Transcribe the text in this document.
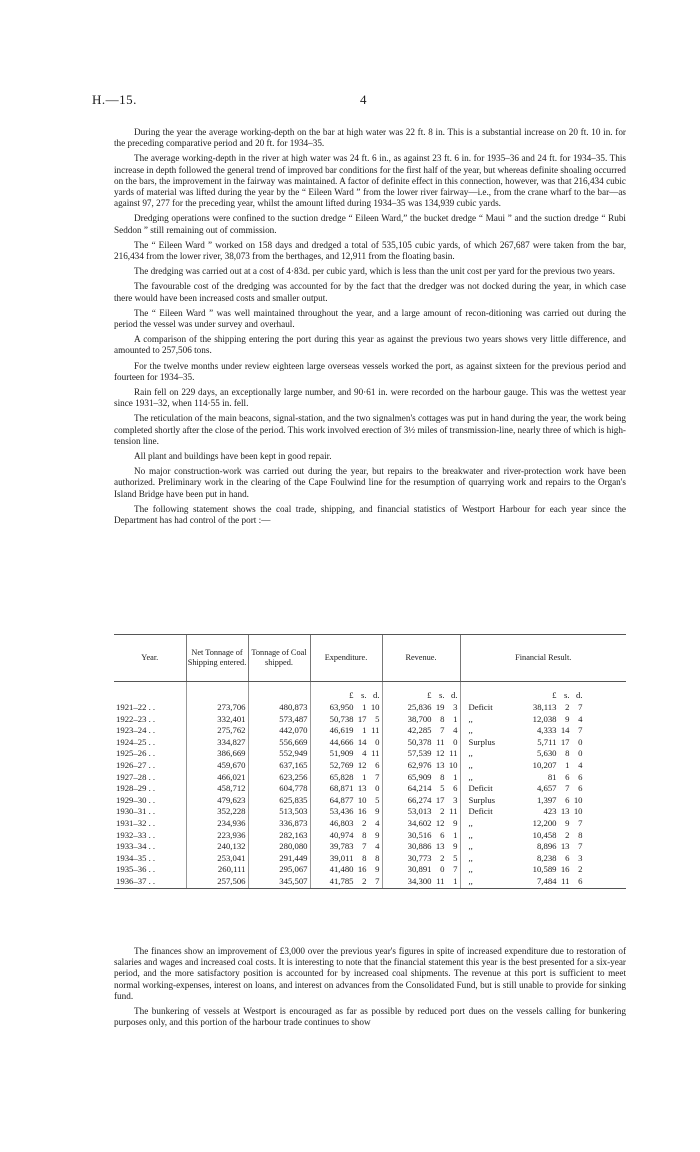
H.—15.	4

During the year the average working-depth on the bar at high water was 22 ft. 8 in. This is a substantial increase on 20 ft. 10 in. for the preceding comparative period and 20 ft. for 1934–35.

The average working-depth in the river at high water was 24 ft. 6 in., as against 23 ft. 6 in. for 1935–36 and 24 ft. for 1934–35. This increase in depth followed the general trend of improved bar conditions for the first half of the year, but whereas definite shoaling occurred on the bars, the improvement in the fairway was maintained. A factor of definite effect in this connection, however, was that 216,434 cubic yards of material was lifted during the year by the “ Eileen Ward ” from the lower river fairway—i.e., from the crane wharf to the bar—as against 97, 277 for the preceding year, whilst the amount lifted during 1934–35 was 134,939 cubic yards.

Dredging operations were confined to the suction dredge “ Eileen Ward,” the bucket dredge “ Maui ” and the suction dredge “ Rubi Seddon ” still remaining out of commission.

The “ Eileen Ward ” worked on 158 days and dredged a total of 535,105 cubic yards, of which 267,687 were taken from the bar, 216,434 from the lower river, 38,073 from the berthages, and 12,911 from the floating basin.

The dredging was carried out at a cost of 4·83d. per cubic yard, which is less than the unit cost per yard for the previous two years.

The favourable cost of the dredging was accounted for by the fact that the dredger was not docked during the year, in which case there would have been increased costs and smaller output.

The “ Eileen Ward ” was well maintained throughout the year, and a large amount of recon-ditioning was carried out during the period the vessel was under survey and overhaul.

A comparison of the shipping entering the port during this year as against the previous two years shows very little difference, and amounted to 257,506 tons.

For the twelve months under review eighteen large overseas vessels worked the port, as against sixteen for the previous period and fourteen for 1934–35.

Rain fell on 229 days, an exceptionally large number, and 90·61 in. were recorded on the harbour gauge. This was the wettest year since 1931–32, when 114·55 in. fell.

The reticulation of the main beacons, signal-station, and the two signalmen's cottages was put in hand during the year, the work being completed shortly after the close of the period. This work involved erection of 3½ miles of transmission-line, nearly three of which is high-tension line.

All plant and buildings have been kept in good repair.

No major construction-work was carried out during the year, but repairs to the breakwater and river-protection work have been authorized. Preliminary work in the clearing of the Cape Foulwind line for the resumption of quarrying work and repairs to the Organ's Island Bridge have been put in hand.

The following statement shows the coal trade, shipping, and financial statistics of Westport Harbour for each year since the Department has had control of the port :—

Year.	Net Tonnage of Shipping entered.	Tonnage of Coal shipped.	Expenditure.	Revenue.	Financial Result.

			£ s. d.	£ s. d.	£ s. d.

1921–22 . .	273,706	480,873	63,950 1 10	25,836 19 3	Deficit 38,113 2 7

1922–23 . .	332,401	573,487	50,738 17 5	38,700 8 1	,, 12,038 9 4

1923–24 . .	275,762	442,070	46,619 1 11	42,285 7 4	,, 4,333 14 7

1924–25 . .	334,827	556,669	44,666 14 0	50,378 11 0	Surplus 5,711 17 0

1925–26 . .	386,669	552,949	51,909 4 11	57,539 12 11	,, 5,630 8 0

1926–27 . .	459,670	637,165	52,769 12 6	62,976 13 10	,, 10,207 1 4

1927–28 . .	466,021	623,256	65,828 1 7	65,909 8 1	,, 81 6 6

1928–29 . .	458,712	604,778	68,871 13 0	64,214 5 6	Deficit 4,657 7 6

1929–30 . .	479,623	625,835	64,877 10 5	66,274 17 3	Surplus 1,397 6 10

1930–31 . .	352,228	513,503	53,436 16 9	53,013 2 11	Deficit 423 13 10

1931–32 . .	234,936	336,873	46,803 2 4	34,602 12 9	,, 12,200 9 7

1932–33 . .	223,936	282,163	40,974 8 9	30,516 6 1	,, 10,458 2 8

1933–34 . .	240,132	280,080	39,783 7 4	30,886 13 9	,, 8,896 13 7

1934–35 . .	253,041	291,449	39,011 8 8	30,773 2 5	,, 8,238 6 3

1935–36 . .	260,111	295,067	41,480 16 9	30,891 0 7	,, 10,589 16 2

1936–37 . .	257,506	345,507	41,785 2 7	34,300 11 1	,, 7,484 11 6

The finances show an improvement of £3,000 over the previous year's figures in spite of increased expenditure due to restoration of salaries and wages and increased coal costs. It is interesting to note that the financial statement this year is the best presented for a six-year period, and the more satisfactory position is accounted for by increased coal shipments. The revenue at this port is sufficient to meet normal working-expenses, interest on loans, and interest on advances from the Consolidated Fund, but is still unable to provide for sinking fund.

The bunkering of vessels at Westport is encouraged as far as possible by reduced port dues on the vessels calling for bunkering purposes only, and this portion of the harbour trade continues to show
